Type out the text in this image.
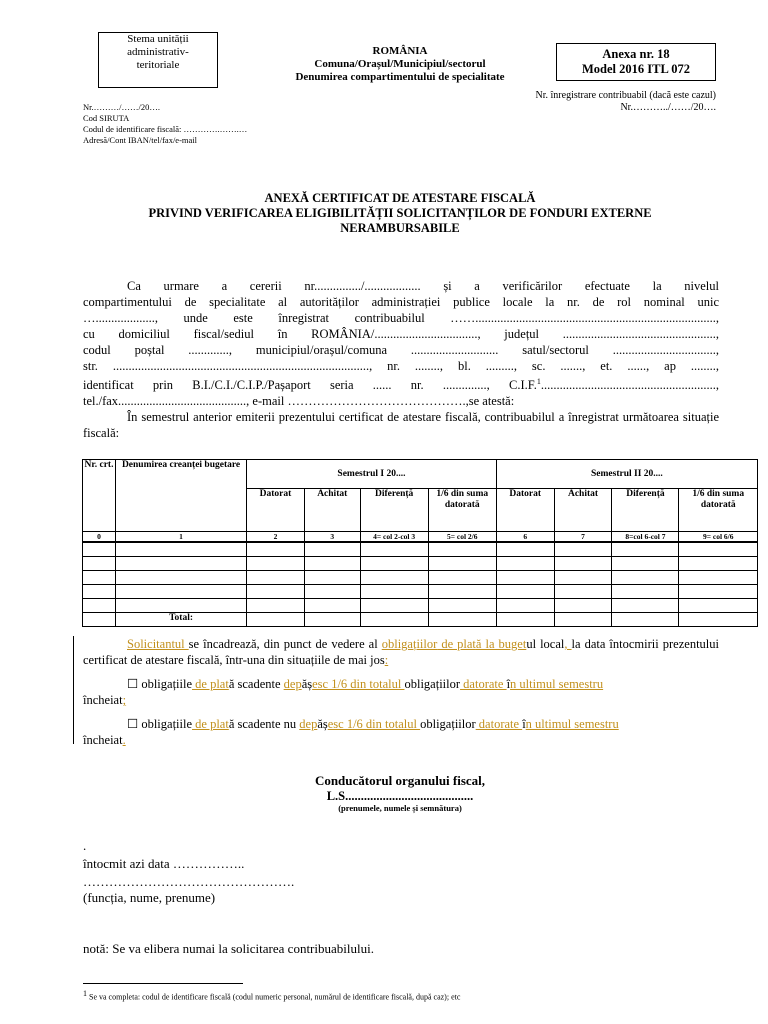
Stema unității
administrativ-
teritoriale
ROMÂNIA
Comuna/Orașul/Municipiul/sectorul
Denumirea compartimentului de specialitate
Anexa nr. 18
Model 2016 ITL 072
Nr. înregistrare contribuabil (dacă este cazul)
Nr.………../……/20….
Nr.………/……/20….
Cod SIRUTA
Codul de identificare fiscală: ………….…….…
Adresă/Cont IBAN/tel/fax/e-mail
ANEXĂ CERTIFICAT DE ATESTARE FISCALĂ
PRIVIND VERIFICAREA ELIGIBILITĂȚII SOLICITANȚILOR DE FONDURI EXTERNE
NERAMBURSABILE
Ca urmare a cererii nr.............../.................. și a verificărilor efectuate la nivelul
compartimentului de specialitate al autorităților administrației publice locale la nr. de rol nominal unic
…..................., unde este înregistrat contribuabilul …….............................................................................,
cu domiciliul fiscal/sediul în ROMÂNIA/................................., județul .................................................,
codul poștal ............., municipiul/orașul/comuna ............................ satul/sectorul .................................,
str. .................................................................................., nr. ........, bl. ........., sc. ......., et. ......, ap ........,
identificat prin B.I./C.I./C.I.P./Pașaport seria ...... nr. .............., C.I.F.$^1$........................................................,
tel./fax........................................., e-mail …………………………………….,se atestă:

În semestrul anterior emiterii prezentului certificat de atestare fiscală, contribuabilul a înregistrat următoarea situație fiscală:

Nr. crt.	Denumirea creanței bugetare	Semestrul I 20....				Semestrul II 20....			
		Datorat	Achitat	Diferență	1/6 din suma datorată	Datorat	Achitat	Diferență	1/6 din suma datorată
0	1	2	3	4= col 2-col 3	5= col 2/6	6	7	8=col 6-col 7	9= col 6/6

	Total:								

Solicitantul se încadrează, din punct de vedere al obligațiilor de plată la bugetul local, la data întocmirii prezentului certificat de atestare fiscală, într-una din situațiile de mai jos:

☐ obligațiile de plată scadente depășesc 1/6 din totalul obligațiilor datorate în ultimul semestru
încheiat;

☐ obligațiile de plată scadente nu depășesc 1/6 din totalul obligațiilor datorate în ultimul semestru
încheiat.

Conducătorul organului fiscal,
L.S.........................................
(prenumele, numele și semnătura)
.
întocmit azi data ……………..
………………………………………….
(funcția, nume, prenume)
notă: Se va elibera numai la solicitarea contribuabilului.
$^1$ Se va completa: codul de identificare fiscală (codul numeric personal, numărul de identificare fiscală, după caz); etc
